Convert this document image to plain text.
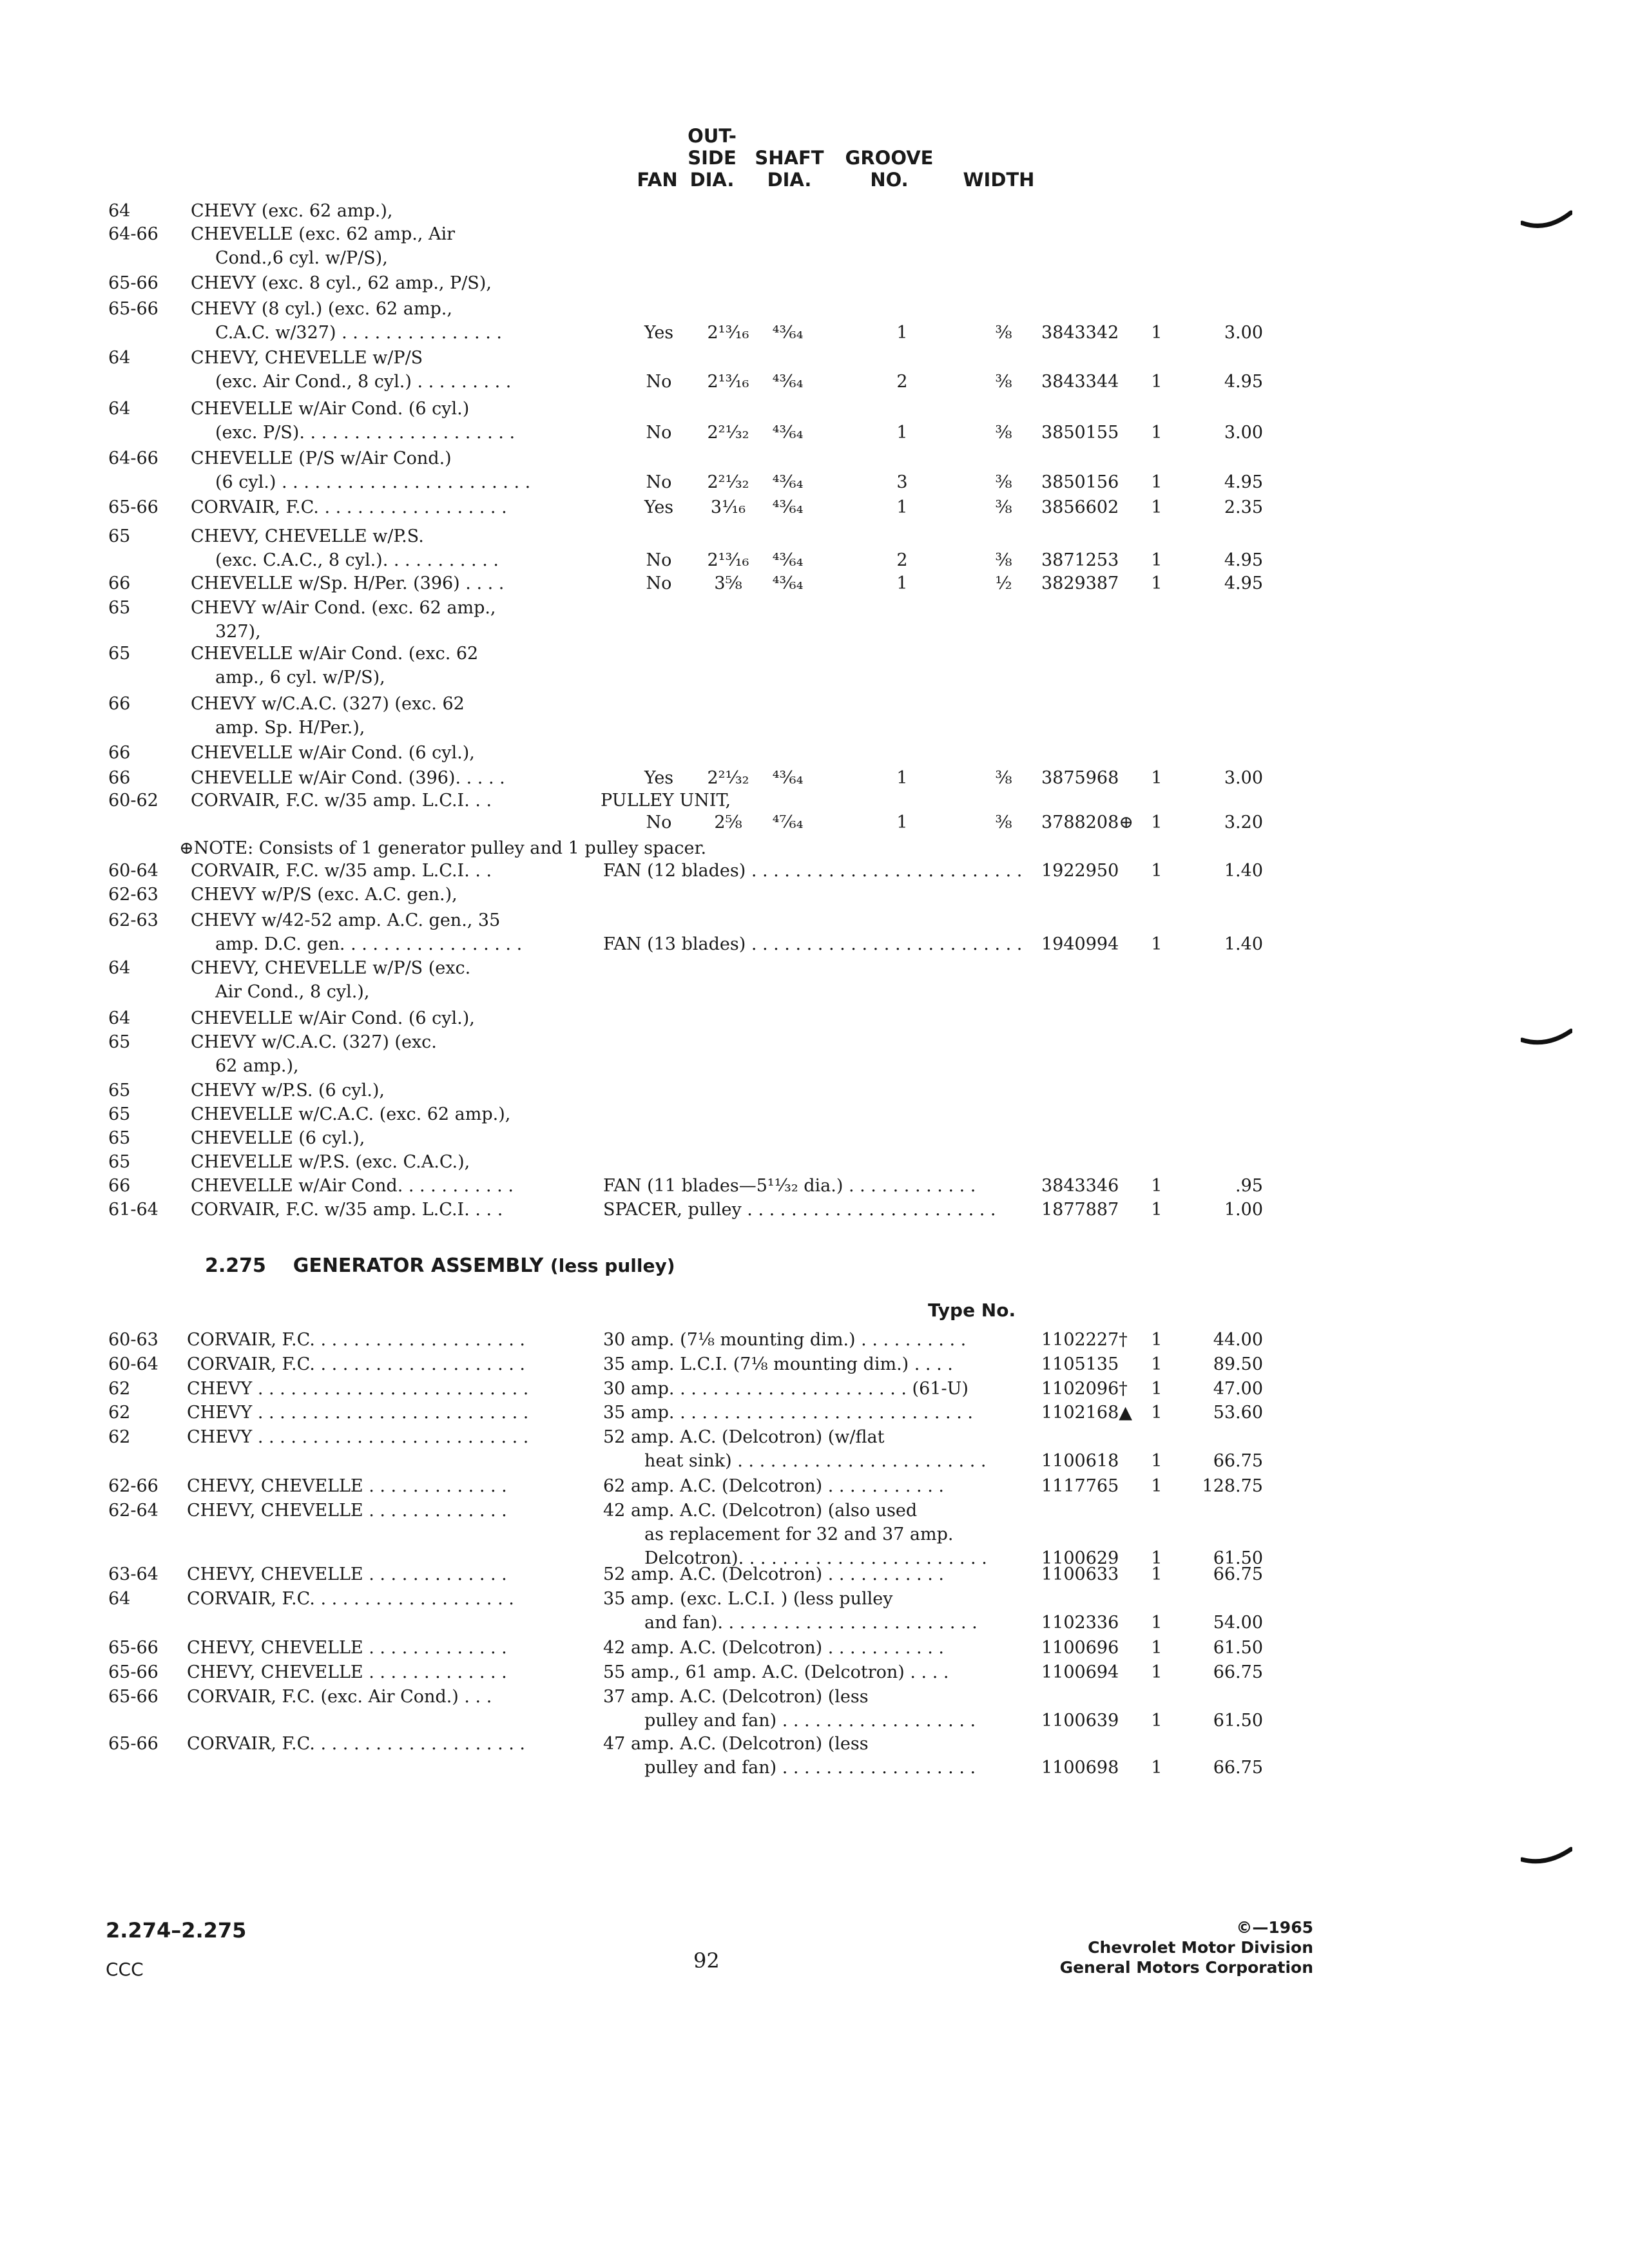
FAN
OUT-
SIDE
DIA.
SHAFT
DIA.
GROOVE
NO.	WIDTH
64	CHEVY (exc. 62 amp.),
64-66 CHEVELLE (exc. 62 amp., Air
Cond.,6 cyl. w/P/S),
65-66 CHEVY (exc. 8 cyl., 62 amp., P/S),
65-66 CHEVY (8 cyl.) (exc. 62 amp.,
C.A.C. w/327) . . . . . . . . . . . . . . .	Yes	2¹³⁄₁₆	⁴³⁄₆₄	1	⅜	3843342 1	3.00
64	CHEVY, CHEVELLE w/P/S
(exc. Air Cond., 8 cyl.) . . . . . . . . .	No	2¹³⁄₁₆	⁴³⁄₆₄	2	⅜	3843344 1	4.95
64	CHEVELLE w/Air Cond. (6 cyl.)
(exc. P/S). . . . . . . . . . . . . . . . . . . .	No	2²¹⁄₃₂	⁴³⁄₆₄	1	⅜	3850155 1	3.00
64-66 CHEVELLE (P/S w/Air Cond.)
(6 cyl.) . . . . . . . . . . . . . . . . . . . . . . .	No	2²¹⁄₃₂	⁴³⁄₆₄	3	⅜	3850156 1	4.95
65-66 CORVAIR, F.C. . . . . . . . . . . . . . . . . .	Yes	3¹⁄₁₆	⁴³⁄₆₄	1	⅜	3856602 1	2.35
65	CHEVY, CHEVELLE w/P.S.
(exc. C.A.C., 8 cyl.). . . . . . . . . . .	No	2¹³⁄₁₆	⁴³⁄₆₄	2	⅜	3871253 1	4.95
66	CHEVELLE w/Sp. H/Per. (396) . . . .	No	3⅝	⁴³⁄₆₄	1	½	3829387 1	4.95
65	CHEVY w/Air Cond. (exc. 62 amp.,
327),
65	CHEVELLE w/Air Cond. (exc. 62
amp., 6 cyl. w/P/S),
66	CHEVY w/C.A.C. (327) (exc. 62
amp. Sp. H/Per.),
66	CHEVELLE w/Air Cond. (6 cyl.),
66	CHEVELLE w/Air Cond. (396). . . . .	Yes	2²¹⁄₃₂	⁴³⁄₆₄	1	⅜	3875968 1	3.00
60-62 CORVAIR, F.C. w/35 amp. L.C.I. . .	PULLEY UNIT,
No	2⅝	⁴⁷⁄₆₄	1	⅜	3788208⊕ 1	3.20
⊕NOTE: Consists of 1 generator pulley and 1 pulley spacer.
60-64 CORVAIR, F.C. w/35 amp. L.C.I. . .	FAN (12 blades) . . . . . . . . . . . . . . . . . . . . . . . . . 1922950 1	1.40
62-63 CHEVY w/P/S (exc. A.C. gen.),
62-63 CHEVY w/42-52 amp. A.C. gen., 35
amp. D.C. gen. . . . . . . . . . . . . . . . .	FAN (13 blades) . . . . . . . . . . . . . . . . . . . . . . . . . 1940994 1	1.40
64	CHEVY, CHEVELLE w/P/S (exc.
Air Cond., 8 cyl.),
64	CHEVELLE w/Air Cond. (6 cyl.),
65	CHEVY w/C.A.C. (327) (exc.
62 amp.),
65	CHEVY w/P.S. (6 cyl.),
65	CHEVELLE w/C.A.C. (exc. 62 amp.),
65	CHEVELLE (6 cyl.),
65	CHEVELLE w/P.S. (exc. C.A.C.),
66	CHEVELLE w/Air Cond. . . . . . . . . . .	FAN (11 blades—5¹¹⁄₃₂ dia.) . . . . . . . . . . . .	3843346 1	.95
61-64 CORVAIR, F.C. w/35 amp. L.C.I. . . .	SPACER, pulley . . . . . . . . . . . . . . . . . . . . . . .	1877887 1	1.00
2.275 GENERATOR ASSEMBLY (less pulley)
Type No.
60-63 CORVAIR, F.C. . . . . . . . . . . . . . . . . . . .	30 amp. (7⅛ mounting dim.) . . . . . . . . . .	1102227† 1	44.00
60-64 CORVAIR, F.C. . . . . . . . . . . . . . . . . . . .	35 amp. L.C.I. (7⅛ mounting dim.) . . . .	1105135 1	89.50
62	CHEVY . . . . . . . . . . . . . . . . . . . . . . . . .	30 amp. . . . . . . . . . . . . . . . . . . . . . (61-U)	1102096† 1	47.00
62	CHEVY . . . . . . . . . . . . . . . . . . . . . . . . .	35 amp. . . . . . . . . . . . . . . . . . . . . . . . . . . .	1102168▲ 1	53.60
62	CHEVY . . . . . . . . . . . . . . . . . . . . . . . . .	52 amp. A.C. (Delcotron) (w/flat
heat sink) . . . . . . . . . . . . . . . . . . . . . . .	1100618 1	66.75
62-66 CHEVY, CHEVELLE . . . . . . . . . . . . .	62 amp. A.C. (Delcotron) . . . . . . . . . . .	1117765 1	128.75
62-64 CHEVY, CHEVELLE . . . . . . . . . . . . .	42 amp. A.C. (Delcotron) (also used
as replacement for 32 and 37 amp.
Delcotron). . . . . . . . . . . . . . . . . . . . . . .	1100629 1	61.50
63-64 CHEVY, CHEVELLE . . . . . . . . . . . . .	52 amp. A.C. (Delcotron) . . . . . . . . . . .	1100633 1	66.75
64	CORVAIR, F.C. . . . . . . . . . . . . . . . . . .	35 amp. (exc. L.C.I. ) (less pulley
and fan). . . . . . . . . . . . . . . . . . . . . . . .	1102336 1	54.00
65-66 CHEVY, CHEVELLE . . . . . . . . . . . . .	42 amp. A.C. (Delcotron) . . . . . . . . . . .	1100696 1	61.50
65-66 CHEVY, CHEVELLE . . . . . . . . . . . . .	55 amp., 61 amp. A.C. (Delcotron) . . . .	1100694 1	66.75
65-66 CORVAIR, F.C. (exc. Air Cond.) . . .	37 amp. A.C. (Delcotron) (less
pulley and fan) . . . . . . . . . . . . . . . . . .	1100639 1	61.50
65-66 CORVAIR, F.C. . . . . . . . . . . . . . . . . . . .	47 amp. A.C. (Delcotron) (less
pulley and fan) . . . . . . . . . . . . . . . . . .	1100698 1	66.75
2.274–2.275
CCC	92
©—1965
Chevrolet Motor Division
General Motors Corporation
